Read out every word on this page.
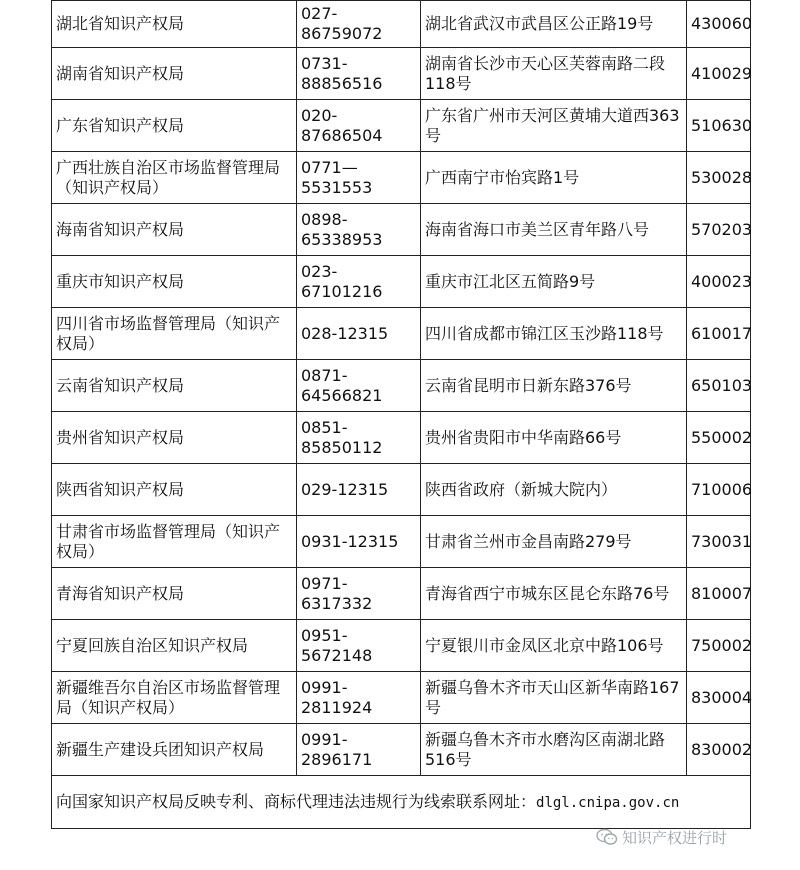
湖北省知识产权局	027-86759072	湖北省武汉市武昌区公正路19号	430060
湖南省知识产权局	0731-88856516	湖南省长沙市天心区芙蓉南路二段118号	410029
广东省知识产权局	020-87686504	广东省广州市天河区黄埔大道西363号	510630
广西壮族自治区市场监督管理局（知识产权局）	0771—5531553	广西南宁市怡宾路1号	530028
海南省知识产权局	0898-65338953	海南省海口市美兰区青年路八号	570203
重庆市知识产权局	023-67101216	重庆市江北区五简路9号	400023
四川省市场监督管理局（知识产权局）	028-12315	四川省成都市锦江区玉沙路118号	610017
云南省知识产权局	0871-64566821	云南省昆明市日新东路376号	650103
贵州省知识产权局	0851-85850112	贵州省贵阳市中华南路66号	550002
陕西省知识产权局	029-12315	陕西省政府（新城大院内）	710006
甘肃省市场监督管理局（知识产权局）	0931-12315	甘肃省兰州市金昌南路279号	730031
青海省知识产权局	0971-6317332	青海省西宁市城东区昆仑东路76号	810007
宁夏回族自治区知识产权局	0951-5672148	宁夏银川市金凤区北京中路106号	750002
新疆维吾尔自治区市场监督管理局（知识产权局）	0991-2811924	新疆乌鲁木齐市天山区新华南路167号	830004
新疆生产建设兵团知识产权局	0991-2896171	新疆乌鲁木齐市水磨沟区南湖北路516号	830002
向国家知识产权局反映专利、商标代理违法违规行为线索联系网址：dlgl.cnipa.gov.cn			
知识产权进行时
